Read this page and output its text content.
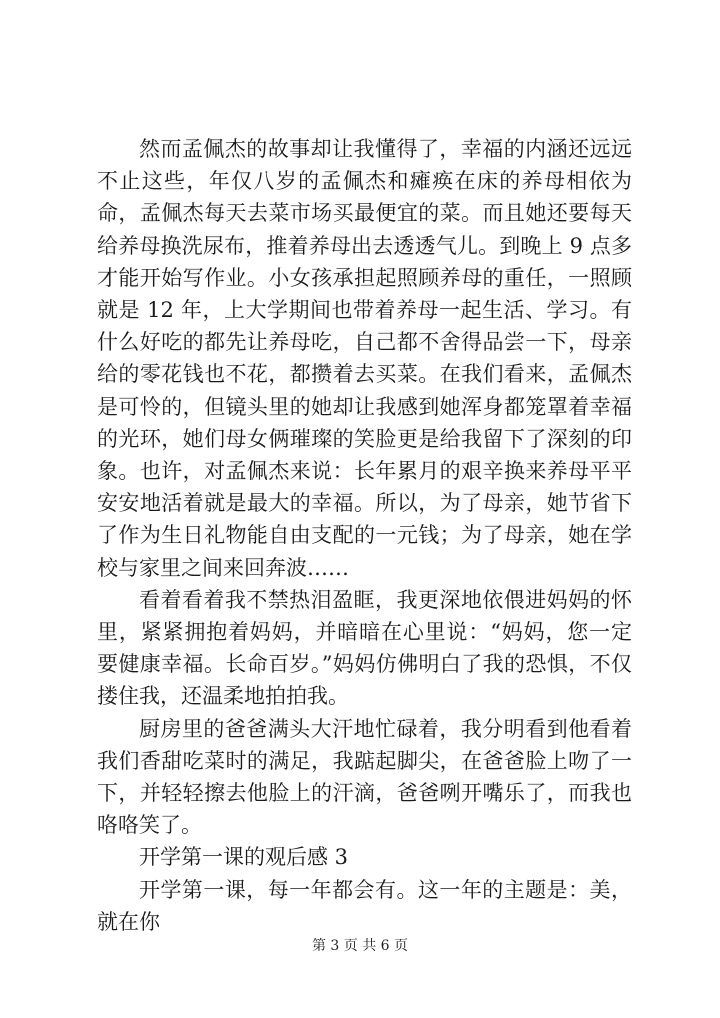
然而孟佩杰的故事却让我懂得了，幸福的内涵还远远不止这些，年仅八岁的孟佩杰和瘫痪在床的养母相依为命，孟佩杰每天去菜市场买最便宜的菜。而且她还要每天给养母换洗尿布，推着养母出去透透气儿。到晚上 9 点多才能开始写作业。小女孩承担起照顾养母的重任，一照顾就是 12 年，上大学期间也带着养母一起生活、学习。有什么好吃的都先让养母吃，自己都不舍得品尝一下，母亲给的零花钱也不花，都攒着去买菜。在我们看来，孟佩杰是可怜的，但镜头里的她却让我感到她浑身都笼罩着幸福的光环，她们母女俩璀璨的笑脸更是给我留下了深刻的印象。也许，对孟佩杰来说：长年累月的艰辛换来养母平平安安地活着就是最大的幸福。所以，为了母亲，她节省下了作为生日礼物能自由支配的一元钱；为了母亲，她在学校与家里之间来回奔波……

看着看着我不禁热泪盈眶，我更深地依偎进妈妈的怀里，紧紧拥抱着妈妈，并暗暗在心里说：“妈妈，您一定要健康幸福。长命百岁。”妈妈仿佛明白了我的恐惧，不仅搂住我，还温柔地拍拍我。

厨房里的爸爸满头大汗地忙碌着，我分明看到他看着我们香甜吃菜时的满足，我踮起脚尖，在爸爸脸上吻了一下，并轻轻擦去他脸上的汗滴，爸爸咧开嘴乐了，而我也咯咯笑了。

开学第一课的观后感 3

开学第一课，每一年都会有。这一年的主题是：美，就在你

第 3 页 共 6 页
